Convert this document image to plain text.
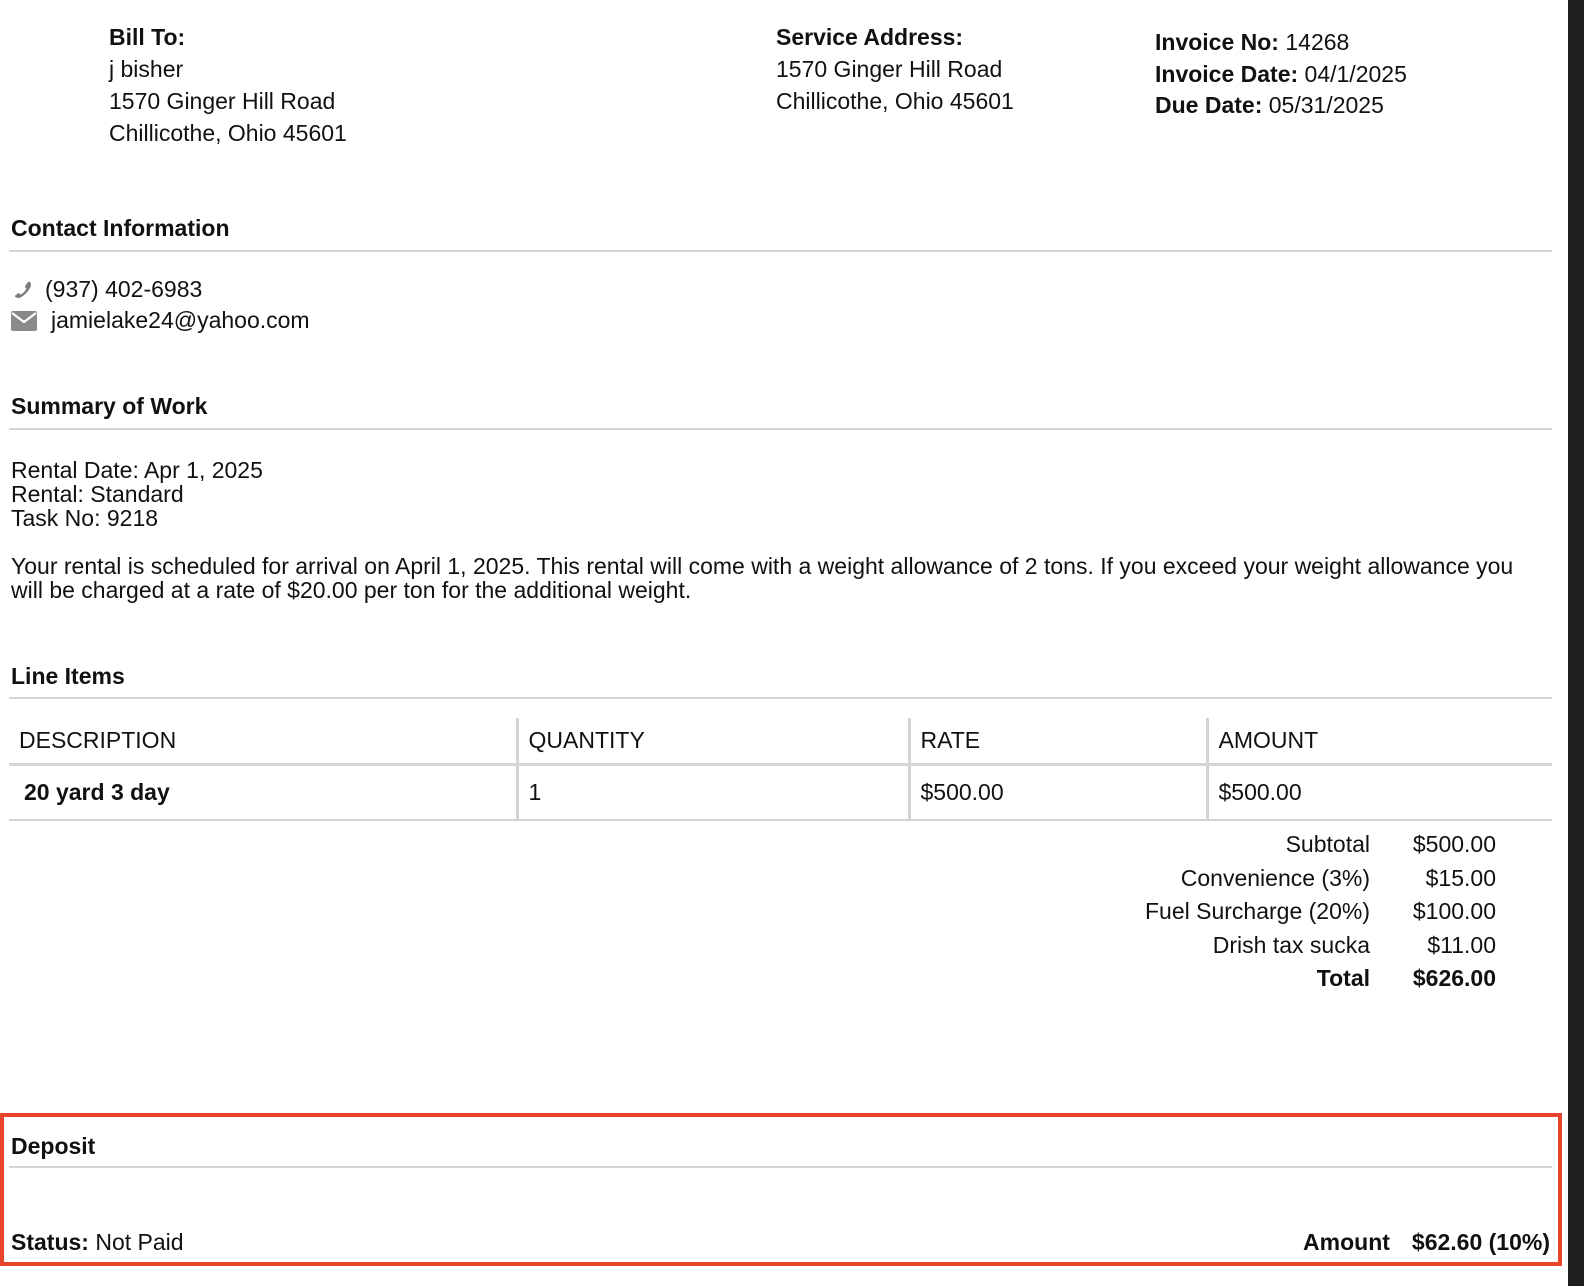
Bill To:
j bisher
1570 Ginger Hill Road
Chillicothe, Ohio 45601
Service Address:
1570 Ginger Hill Road
Chillicothe, Ohio 45601
Invoice No: 14268
Invoice Date: 04/1/2025
Due Date: 05/31/2025
Contact Information
(937) 402-6983
jamielake24@yahoo.com
Summary of Work
Rental Date: Apr 1, 2025
Rental: Standard
Task No: 9218
Your rental is scheduled for arrival on April 1, 2025. This rental will come with a weight allowance of 2 tons. If you exceed your weight allowance you will be charged at a rate of $20.00 per ton for the additional weight.
Line Items
DESCRIPTION	QUANTITY	RATE	AMOUNT
20 yard 3 day	1	$500.00	$500.00
Subtotal	$500.00
Convenience (3%)	$15.00
Fuel Surcharge (20%)	$100.00
Drish tax sucka	$11.00
Total	$626.00
Deposit
Status: Not Paid	Amount $62.60 (10%)
